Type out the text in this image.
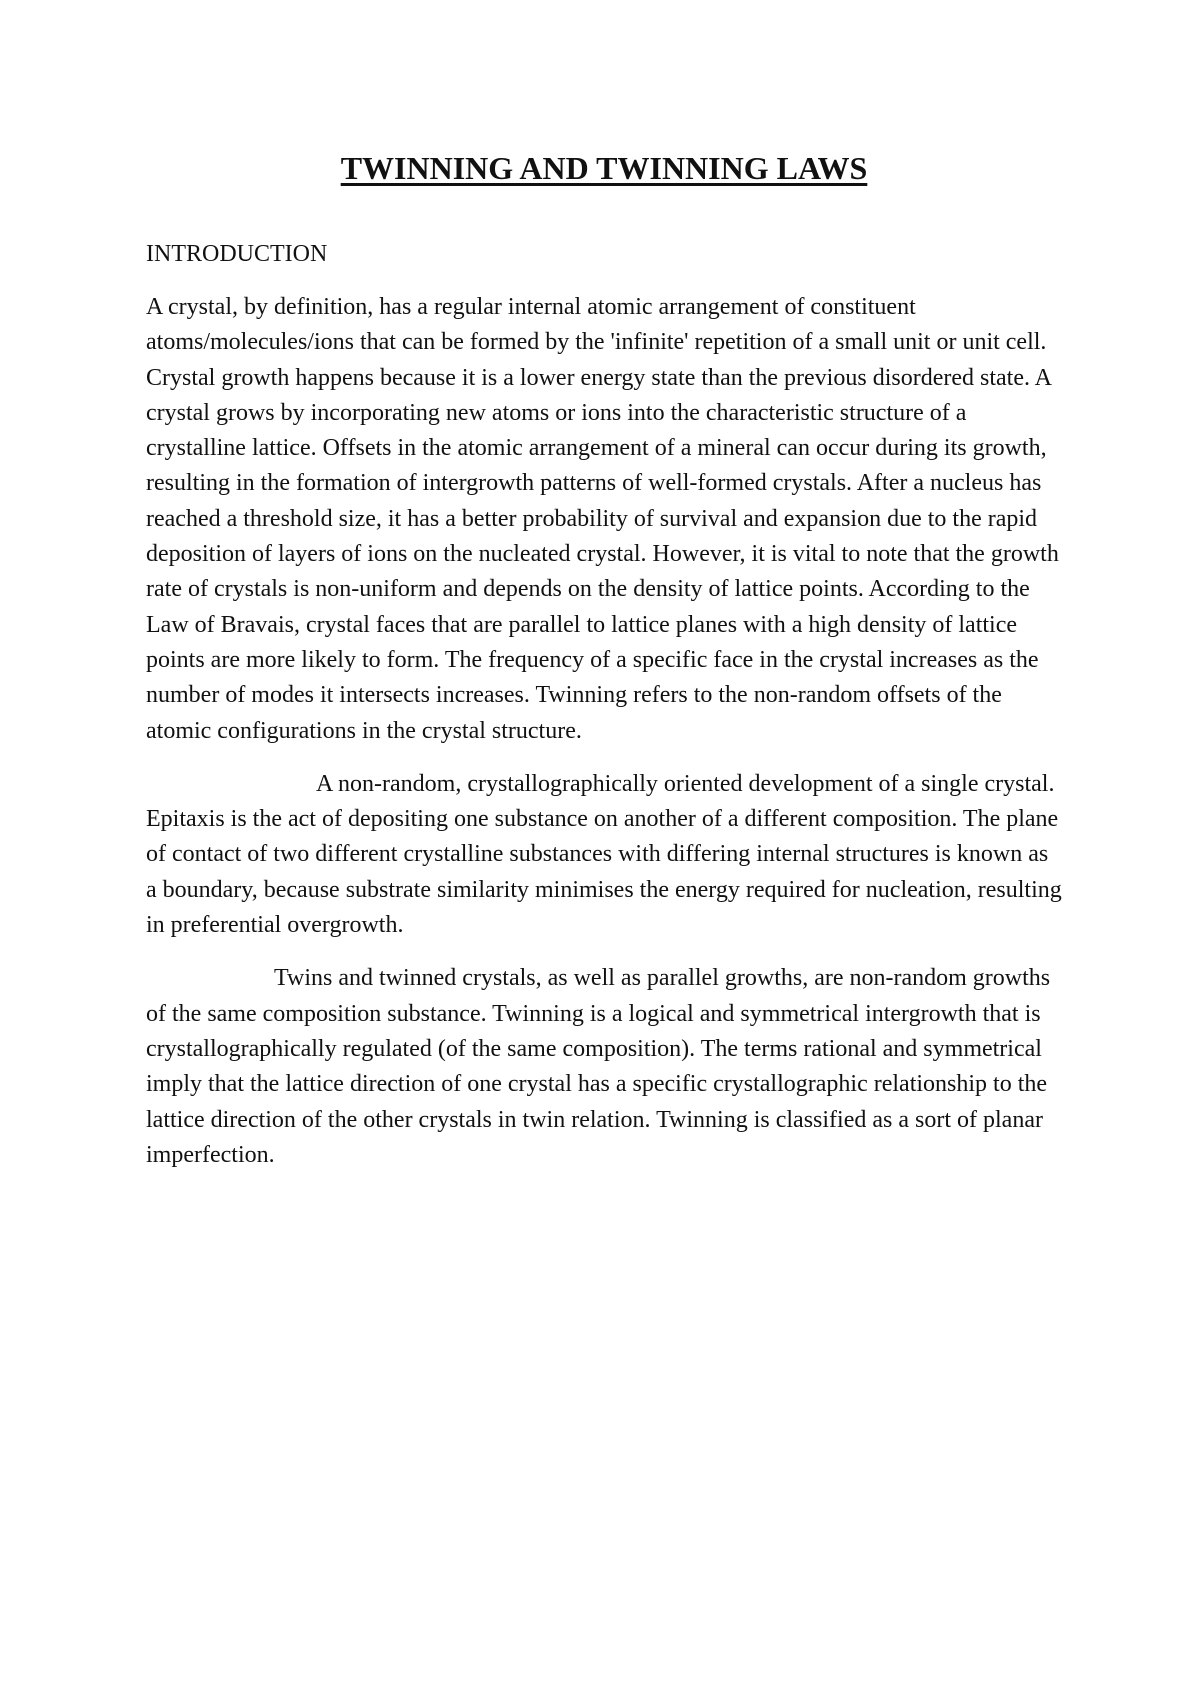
TWINNING AND TWINNING LAWS
INTRODUCTION

A crystal, by definition, has a regular internal atomic arrangement of constituent atoms/molecules/ions that can be formed by the 'infinite' repetition of a small unit or unit cell. Crystal growth happens because it is a lower energy state than the previous disordered state. A crystal grows by incorporating new atoms or ions into the characteristic structure of a crystalline lattice. Offsets in the atomic arrangement of a mineral can occur during its growth, resulting in the formation of intergrowth patterns of well-formed crystals. After a nucleus has reached a threshold size, it has a better probability of survival and expansion due to the rapid deposition of layers of ions on the nucleated crystal. However, it is vital to note that the growth rate of crystals is non-uniform and depends on the density of lattice points. According to the Law of Bravais, crystal faces that are parallel to lattice planes with a high density of lattice points are more likely to form. The frequency of a specific face in the crystal increases as the number of modes it intersects increases. Twinning refers to the non-random offsets of the atomic configurations in the crystal structure.

A non-random, crystallographically oriented development of a single crystal. Epitaxis is the act of depositing one substance on another of a different composition. The plane of contact of two different crystalline substances with differing internal structures is known as a boundary, because substrate similarity minimises the energy required for nucleation, resulting in preferential overgrowth.

Twins and twinned crystals, as well as parallel growths, are non-random growths of the same composition substance. Twinning is a logical and symmetrical intergrowth that is crystallographically regulated (of the same composition). The terms rational and symmetrical imply that the lattice direction of one crystal has a specific crystallographic relationship to the lattice direction of the other crystals in twin relation. Twinning is classified as a sort of planar imperfection.
